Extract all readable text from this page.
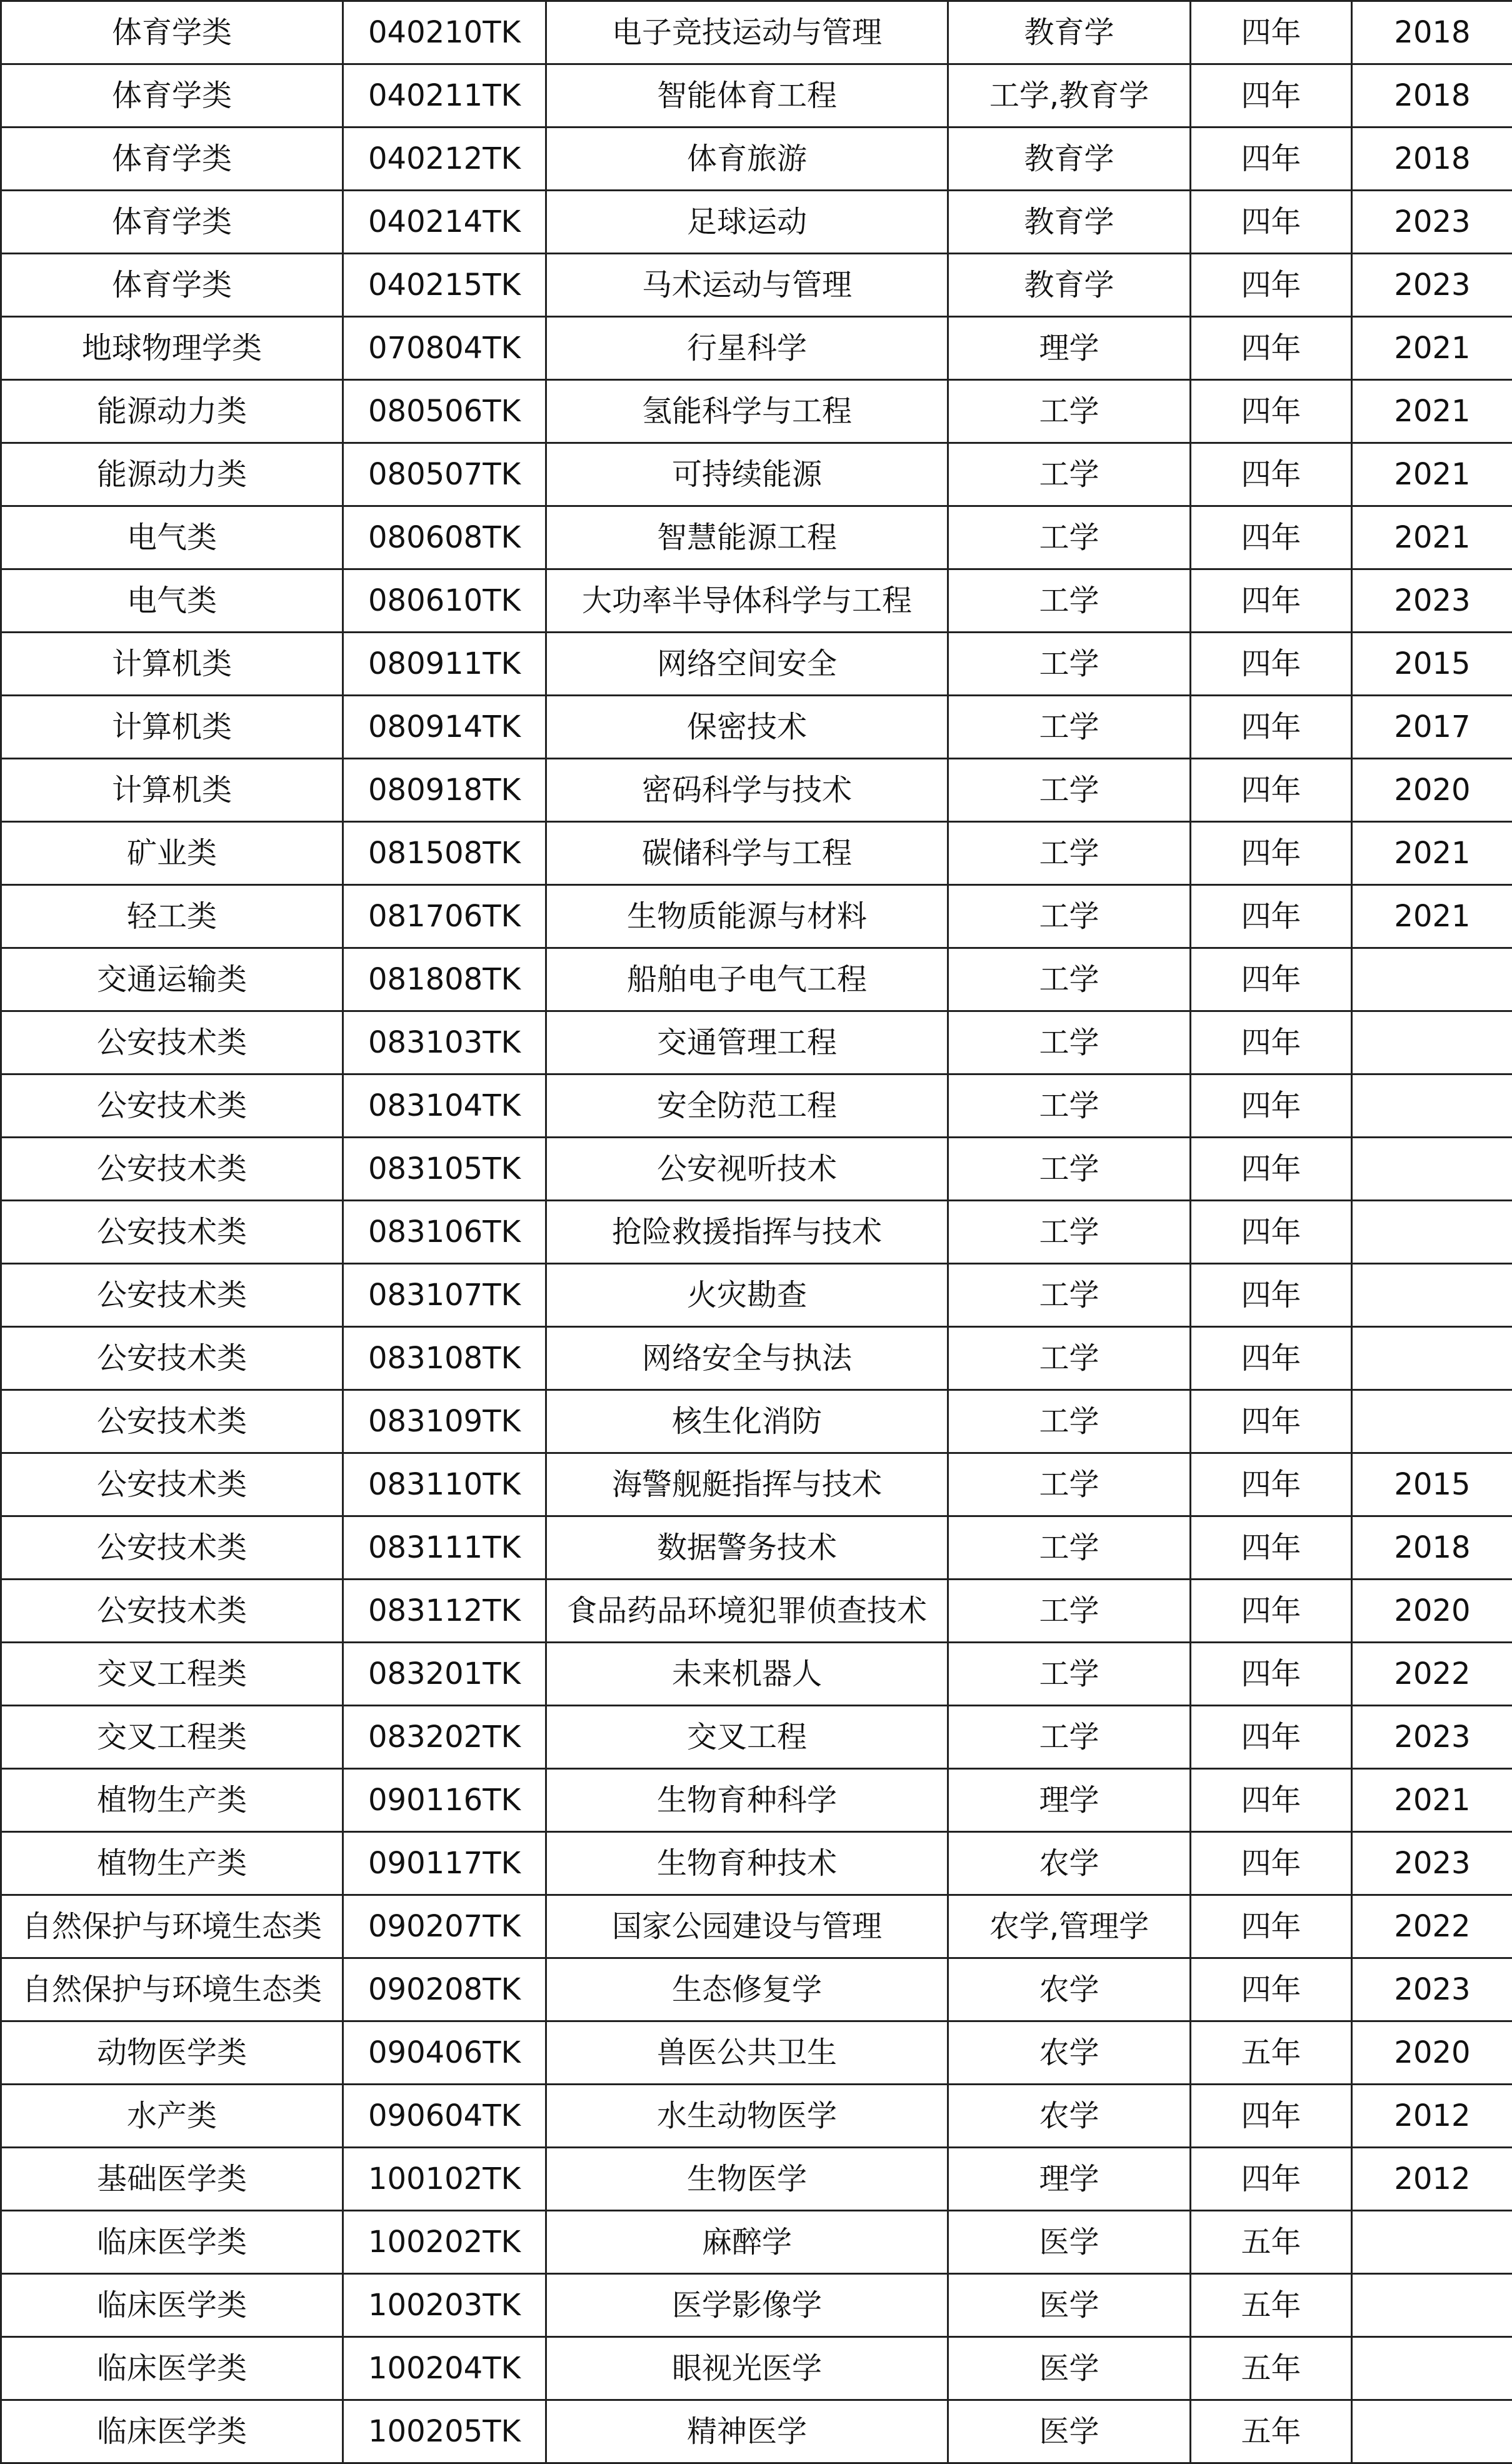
体育学类	040210TK	电子竞技运动与管理	教育学	四年	2018
体育学类	040211TK	智能体育工程	工学,教育学	四年	2018
体育学类	040212TK	体育旅游	教育学	四年	2018
体育学类	040214TK	足球运动	教育学	四年	2023
体育学类	040215TK	马术运动与管理	教育学	四年	2023
地球物理学类	070804TK	行星科学	理学	四年	2021
能源动力类	080506TK	氢能科学与工程	工学	四年	2021
能源动力类	080507TK	可持续能源	工学	四年	2021
电气类	080608TK	智慧能源工程	工学	四年	2021
电气类	080610TK	大功率半导体科学与工程	工学	四年	2023
计算机类	080911TK	网络空间安全	工学	四年	2015
计算机类	080914TK	保密技术	工学	四年	2017
计算机类	080918TK	密码科学与技术	工学	四年	2020
矿业类	081508TK	碳储科学与工程	工学	四年	2021
轻工类	081706TK	生物质能源与材料	工学	四年	2021
交通运输类	081808TK	船舶电子电气工程	工学	四年	
公安技术类	083103TK	交通管理工程	工学	四年	
公安技术类	083104TK	安全防范工程	工学	四年	
公安技术类	083105TK	公安视听技术	工学	四年	
公安技术类	083106TK	抢险救援指挥与技术	工学	四年	
公安技术类	083107TK	火灾勘查	工学	四年	
公安技术类	083108TK	网络安全与执法	工学	四年	
公安技术类	083109TK	核生化消防	工学	四年	
公安技术类	083110TK	海警舰艇指挥与技术	工学	四年	2015
公安技术类	083111TK	数据警务技术	工学	四年	2018
公安技术类	083112TK	食品药品环境犯罪侦查技术	工学	四年	2020
交叉工程类	083201TK	未来机器人	工学	四年	2022
交叉工程类	083202TK	交叉工程	工学	四年	2023
植物生产类	090116TK	生物育种科学	理学	四年	2021
植物生产类	090117TK	生物育种技术	农学	四年	2023
自然保护与环境生态类	090207TK	国家公园建设与管理	农学,管理学	四年	2022
自然保护与环境生态类	090208TK	生态修复学	农学	四年	2023
动物医学类	090406TK	兽医公共卫生	农学	五年	2020
水产类	090604TK	水生动物医学	农学	四年	2012
基础医学类	100102TK	生物医学	理学	四年	2012
临床医学类	100202TK	麻醉学	医学	五年	
临床医学类	100203TK	医学影像学	医学	五年	
临床医学类	100204TK	眼视光医学	医学	五年	
临床医学类	100205TK	精神医学	医学	五年	
